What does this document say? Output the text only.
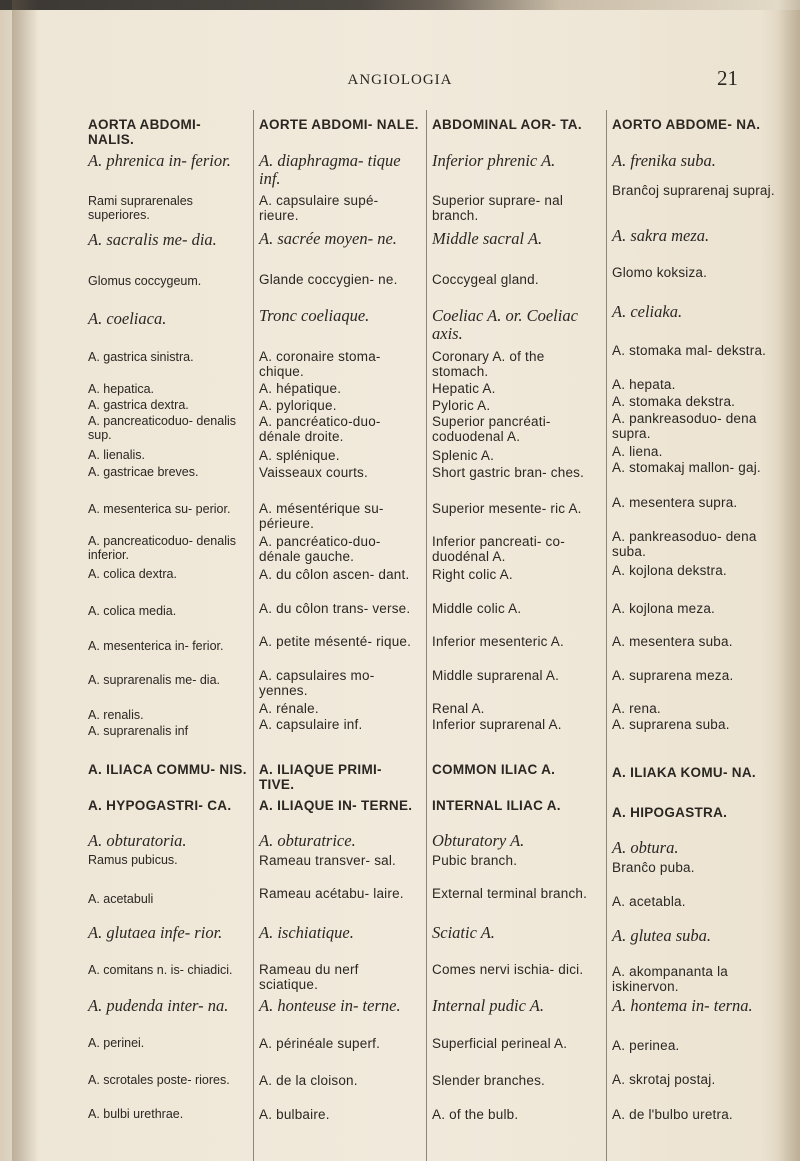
ANGIOLOGIA	21

AORTA ABDOMI- NALIS.

A. phrenica in- ferior.

Rami suprarenales superiores.

A. sacralis me- dia.

Glomus coccygeum.

A. coeliaca.

A. gastrica sinistra.

A. hepatica.

A. gastrica dextra.

A. pancreaticoduo- denalis sup.

A. lienalis.

A. gastricae breves.

A. mesenterica su- perior.

A. pancreaticoduo- denalis inferior.

A. colica dextra.

A. colica media.

A. mesenterica in- ferior.

A. suprarenalis me- dia.

A. renalis.

A. suprarenalis inf

A. ILIACA COMMU- NIS.

A. HYPOGASTRI- CA.

A. obturatoria.

Ramus pubicus.

A. acetabuli

A. glutaea infe- rior.

A. comitans n. is- chiadici.

A. pudenda inter- na.

A. perinei.

A. scrotales poste- riores.

A. bulbi urethrae.

AORTE ABDOMI- NALE.

A. diaphragma- tique inf.

A. capsulaire supé- rieure.

A. sacrée moyen- ne.

Glande coccygien- ne.

Tronc coeliaque.

A. coronaire stoma- chique.

A. hépatique.

A. pylorique.

A. pancréatico-duo- dénale droite.

A. splénique.

Vaisseaux courts.

A. mésentérique su- périeure.

A. pancréatico-duo- dénale gauche.

A. du côlon ascen- dant.

A. du côlon trans- verse.

A. petite mésenté- rique.

A. capsulaires mo- yennes.

A. rénale.

A. capsulaire inf.

A. ILIAQUE PRIMI- TIVE.

A. ILIAQUE IN- TERNE.

A. obturatrice.

Rameau transver- sal.

Rameau acétabu- laire.

A. ischiatique.

Rameau du nerf sciatique.

A. honteuse in- terne.

A. périnéale superf.

A. de la cloison.

A. bulbaire.

ABDOMINAL AOR- TA.

Inferior phrenic A.

Superior suprare- nal branch.

Middle sacral A.

Coccygeal gland.

Coeliac A. or. Coeliac axis.

Coronary A. of the stomach.

Hepatic A.

Pyloric A.

Superior pancréati- coduodenal A.

Splenic A.

Short gastric bran- ches.

Superior mesente- ric A.

Inferior pancreati- co-duodénal A.

Right colic A.

Middle colic A.

Inferior mesenteric A.

Middle suprarenal A.

Renal A.

Inferior suprarenal A.

COMMON ILIAC A.

INTERNAL ILIAC A.

Obturatory A.

Pubic branch.

External terminal branch.

Sciatic A.

Comes nervi ischia- dici.

Internal pudic A.

Superficial perineal A.

Slender branches.

A. of the bulb.

AORTO ABDOME- NA.

A. frenika suba.

Branĉoj suprarenaj supraj.

A. sakra meza.

Glomo koksiza.

A. celiaka.

A. stomaka mal- dekstra.

A. hepata.

A. stomaka dekstra.

A. pankreasoduo- dena supra.

A. liena.

A. stomakaj mallon- gaj.

A. mesentera supra.

A. pankreasoduo- dena suba.

A. kojlona dekstra.

A. kojlona meza.

A. mesentera suba.

A. suprarena meza.

A. rena.

A. suprarena suba.

A. ILIAKA KOMU- NA.

A. HIPOGASTRA.

A. obtura.

Branĉo puba.

A. acetabla.

A. glutea suba.

A. akompananta la iskinervon.

A. hontema in- terna.

A. perinea.

A. skrotaj postaj.

A. de l'bulbo uretra.
